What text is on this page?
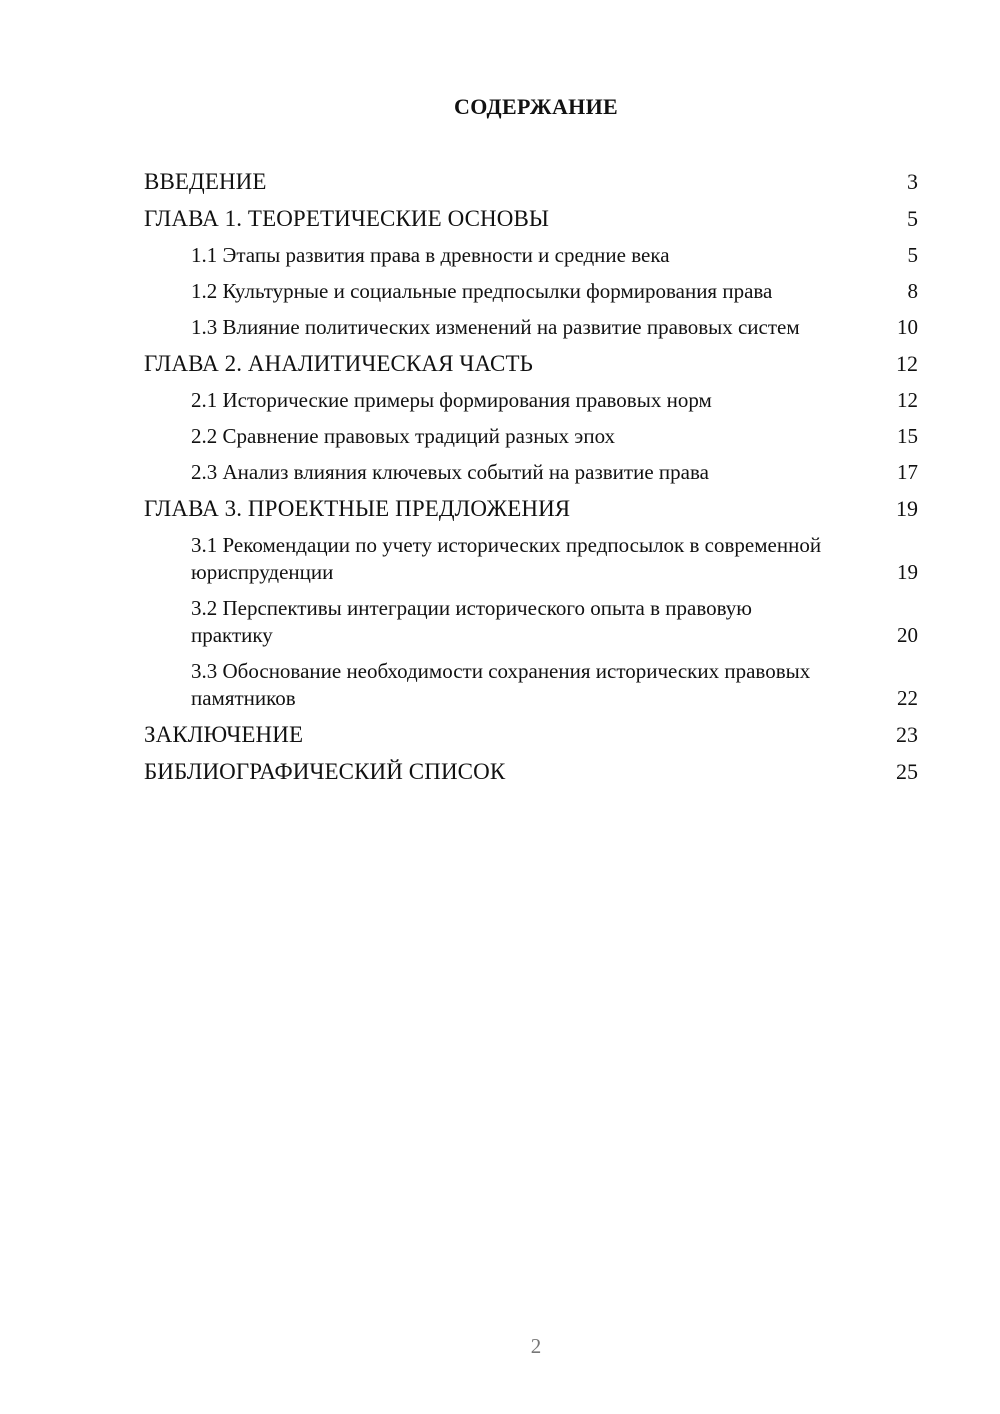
СОДЕРЖАНИЕ
ВВЕДЕНИЕ	3
ГЛАВА 1. ТЕОРЕТИЧЕСКИЕ ОСНОВЫ	5
1.1 Этапы развития права в древности и средние века	5
1.2 Культурные и социальные предпосылки формирования права	8
1.3 Влияние политических изменений на развитие правовых систем	10
ГЛАВА 2. АНАЛИТИЧЕСКАЯ ЧАСТЬ	12
2.1 Исторические примеры формирования правовых норм	12
2.2 Сравнение правовых традиций разных эпох	15
2.3 Анализ влияния ключевых событий на развитие права	17
ГЛАВА 3. ПРОЕКТНЫЕ ПРЕДЛОЖЕНИЯ	19
3.1 Рекомендации по учету исторических предпосылок в современной юриспруденции	19
3.2 Перспективы интеграции исторического опыта в правовую практику	20
3.3 Обоснование необходимости сохранения исторических правовых памятников	22
ЗАКЛЮЧЕНИЕ	23
БИБЛИОГРАФИЧЕСКИЙ СПИСОК	25
2
